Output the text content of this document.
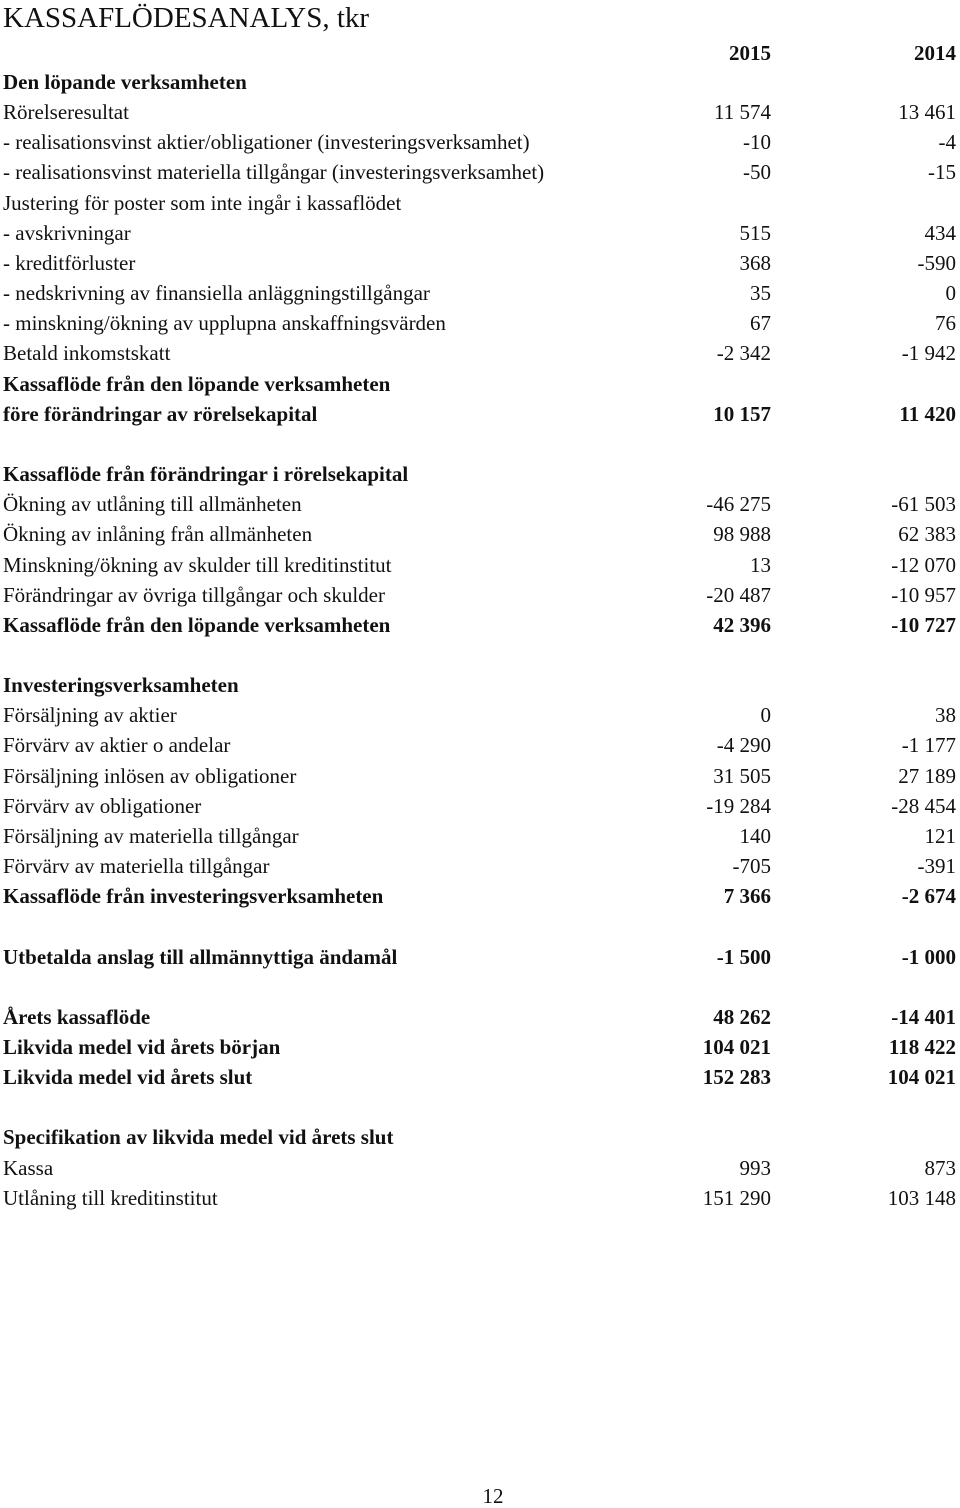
KASSAFLÖDESANALYS, tkr
2015	2014
Den löpande verksamheten
Rörelseresultat	11 574	13 461
- realisationsvinst aktier/obligationer (investeringsverksamhet)	-10	-4
- realisationsvinst materiella tillgångar (investeringsverksamhet)	-50	-15
Justering för poster som inte ingår i kassaflödet
- avskrivningar	515	434
- kreditförluster	368	-590
- nedskrivning av finansiella anläggningstillgångar	35	0
- minskning/ökning av upplupna anskaffningsvärden	67	76
Betald inkomstskatt	-2 342	-1 942
Kassaflöde från den löpande verksamheten
före förändringar av rörelsekapital	10 157	11 420
Kassaflöde från förändringar i rörelsekapital
Ökning av utlåning till allmänheten	-46 275	-61 503
Ökning av inlåning från allmänheten	98 988	62 383
Minskning/ökning av skulder till kreditinstitut	13	-12 070
Förändringar av övriga tillgångar och skulder	-20 487	-10 957
Kassaflöde från den löpande verksamheten	42 396	-10 727
Investeringsverksamheten
Försäljning av aktier	0	38
Förvärv av aktier o andelar	-4 290	-1 177
Försäljning inlösen av obligationer	31 505	27 189
Förvärv av obligationer	-19 284	-28 454
Försäljning av materiella tillgångar	140	121
Förvärv av materiella tillgångar	-705	-391
Kassaflöde från investeringsverksamheten	7 366	-2 674
Utbetalda anslag till allmännyttiga ändamål	-1 500	-1 000
Årets kassaflöde	48 262	-14 401
Likvida medel vid årets början	104 021	118 422
Likvida medel vid årets slut	152 283	104 021
Specifikation av likvida medel vid årets slut
Kassa	993	873
Utlåning till kreditinstitut	151 290	103 148
12
